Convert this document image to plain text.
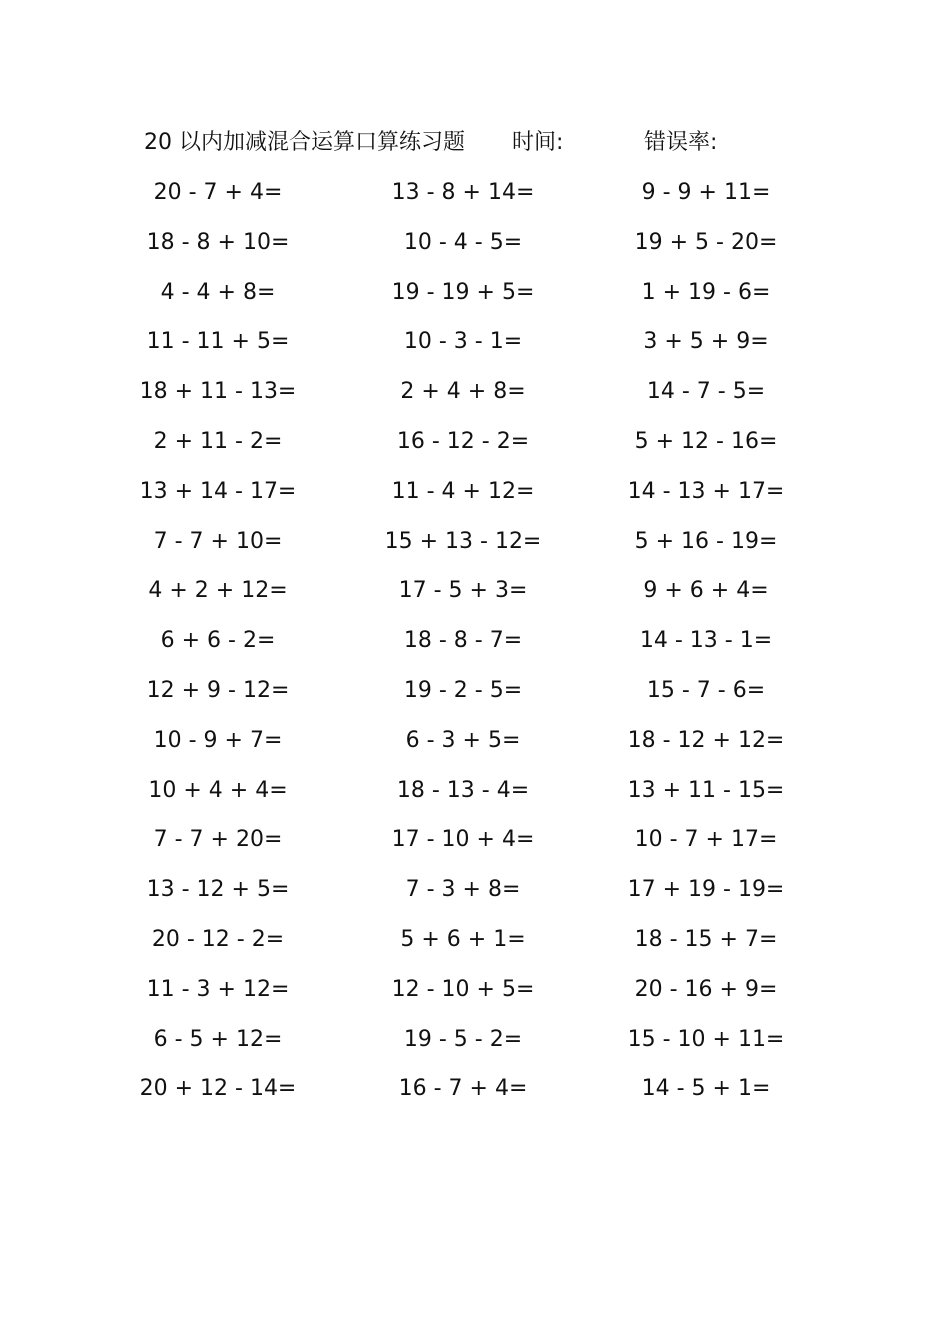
20 以内加减混合运算口算练习题 时间:	错误率:
20 - 7 + 4=	13 - 8 + 14=	9 - 9 + 11=
18 - 8 + 10=	10 - 4 - 5=	19 + 5 - 20=
4 - 4 + 8=	19 - 19 + 5=	1 + 19 - 6=
11 - 11 + 5=	10 - 3 - 1=	3 + 5 + 9=
18 + 11 - 13=	2 + 4 + 8=	14 - 7 - 5=
2 + 11 - 2=	16 - 12 - 2=	5 + 12 - 16=
13 + 14 - 17=	11 - 4 + 12=	14 - 13 + 17=
7 - 7 + 10=	15 + 13 - 12=	5 + 16 - 19=
4 + 2 + 12=	17 - 5 + 3=	9 + 6 + 4=
6 + 6 - 2=	18 - 8 - 7=	14 - 13 - 1=
12 + 9 - 12=	19 - 2 - 5=	15 - 7 - 6=
10 - 9 + 7=	6 - 3 + 5=	18 - 12 + 12=
10 + 4 + 4=	18 - 13 - 4=	13 + 11 - 15=
7 - 7 + 20=	17 - 10 + 4=	10 - 7 + 17=
13 - 12 + 5=	7 - 3 + 8=	17 + 19 - 19=
20 - 12 - 2=	5 + 6 + 1=	18 - 15 + 7=
11 - 3 + 12=	12 - 10 + 5=	20 - 16 + 9=
6 - 5 + 12=	19 - 5 - 2=	15 - 10 + 11=
20 + 12 - 14=	16 - 7 + 4=	14 - 5 + 1=
